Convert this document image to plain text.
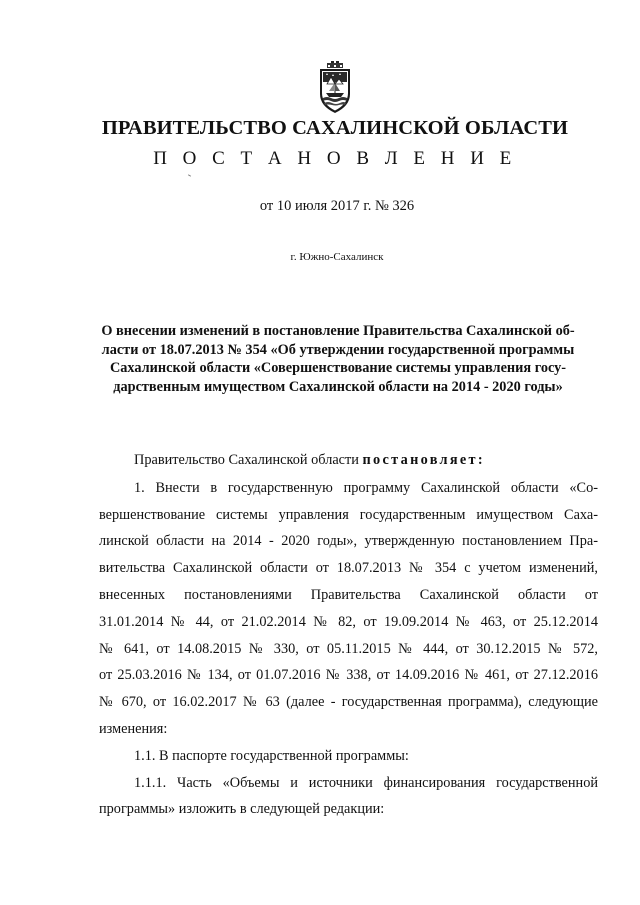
ПРАВИТЕЛЬСТВО САХАЛИНСКОЙ ОБЛАСТИ
П О С Т А Н О В Л Е Н И Е
от 10 июля 2017 г. № 326
г. Южно-Сахалинск
О внесении изменений в постановление Правительства Сахалинской об-
ласти от 18.07.2013 № 354 «Об утверждении государственной программы
Сахалинской области «Совершенствование системы управления госу-
дарственным имуществом Сахалинской области на 2014 - 2020 годы»

Правительство Сахалинской области постановляет:

1. Внести в государственную программу Сахалинской области «Со-
вершенствование системы управления государственным имуществом Саха-
линской области на 2014 - 2020 годы», утвержденную постановлением Пра-
вительства Сахалинской области от 18.07.2013 № 354 с учетом изменений,
внесенных постановлениями Правительства Сахалинской области от
31.01.2014 № 44, от 21.02.2014 № 82, от 19.09.2014 № 463, от 25.12.2014
№ 641, от 14.08.2015 № 330, от 05.11.2015 № 444, от 30.12.2015 № 572,
от 25.03.2016 № 134, от 01.07.2016 № 338, от 14.09.2016 № 461, от 27.12.2016
№ 670, от 16.02.2017 № 63 (далее - государственная программа), следующие
изменения:
1.1. В паспорте государственной программы:
1.1.1. Часть «Объемы и источники финансирования государственной
программы» изложить в следующей редакции:
